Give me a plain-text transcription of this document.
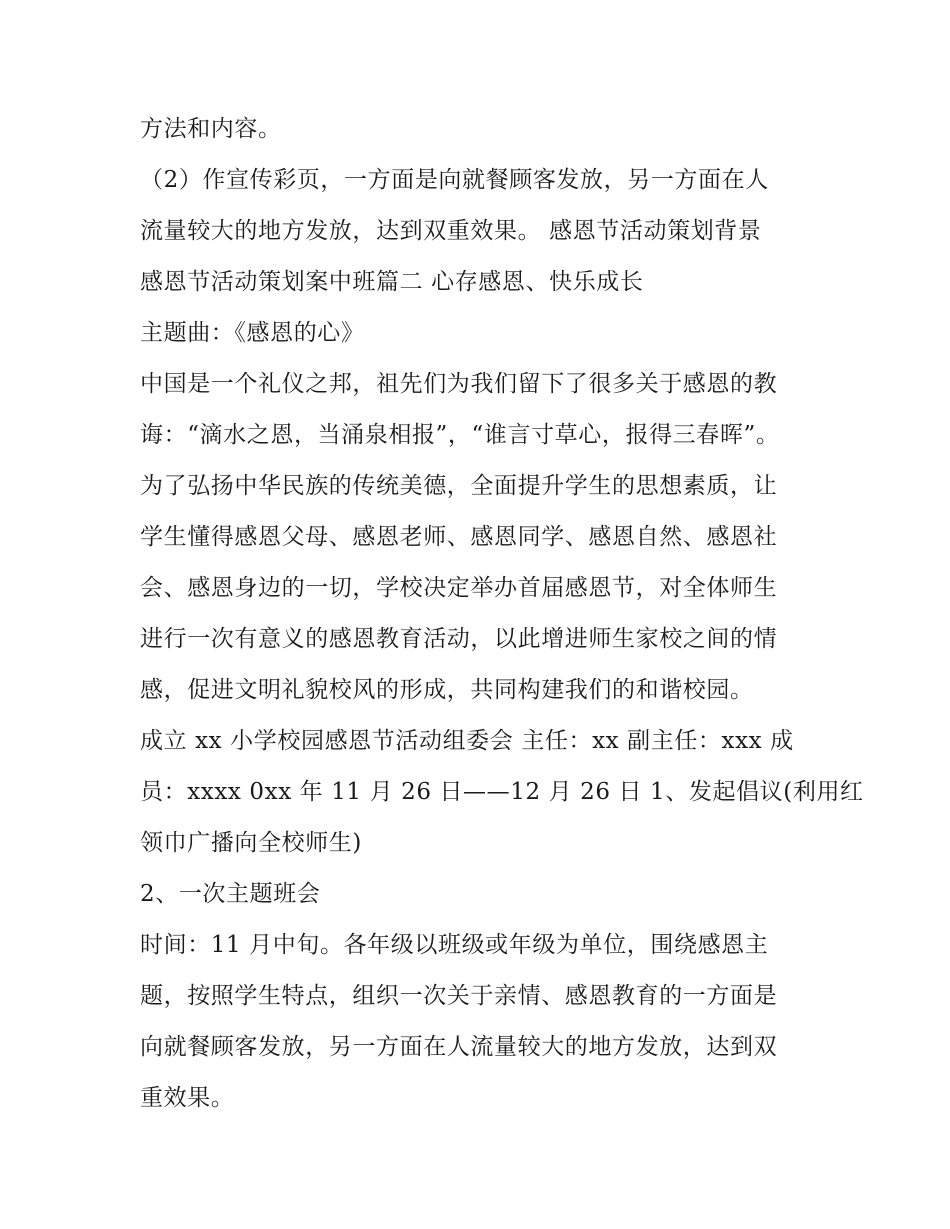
方法和内容。
（2）作宣传彩页，一方面是向就餐顾客发放，另一方面在人
流量较大的地方发放，达到双重效果。 感恩节活动策划背景
感恩节活动策划案中班篇二 心存感恩、快乐成长
主题曲：《感恩的心》
中国是一个礼仪之邦，祖先们为我们留下了很多关于感恩的教
诲：“滴水之恩，当涌泉相报”，“谁言寸草心，报得三春晖”。
为了弘扬中华民族的传统美德，全面提升学生的思想素质，让
学生懂得感恩父母、感恩老师、感恩同学、感恩自然、感恩社
会、感恩身边的一切，学校决定举办首届感恩节，对全体师生
进行一次有意义的感恩教育活动，以此增进师生家校之间的情
感，促进文明礼貌校风的形成，共同构建我们的和谐校园。
成立 xx 小学校园感恩节活动组委会 主任：xx 副主任：xxx 成
员：xxxx 0xx 年 11 月 26 日——12 月 26 日 1、发起倡议(利用红
领巾广播向全校师生)
2、一次主题班会
时间：11 月中旬。各年级以班级或年级为单位，围绕感恩主
题，按照学生特点，组织一次关于亲情、感恩教育的一方面是
向就餐顾客发放，另一方面在人流量较大的地方发放，达到双
重效果。
